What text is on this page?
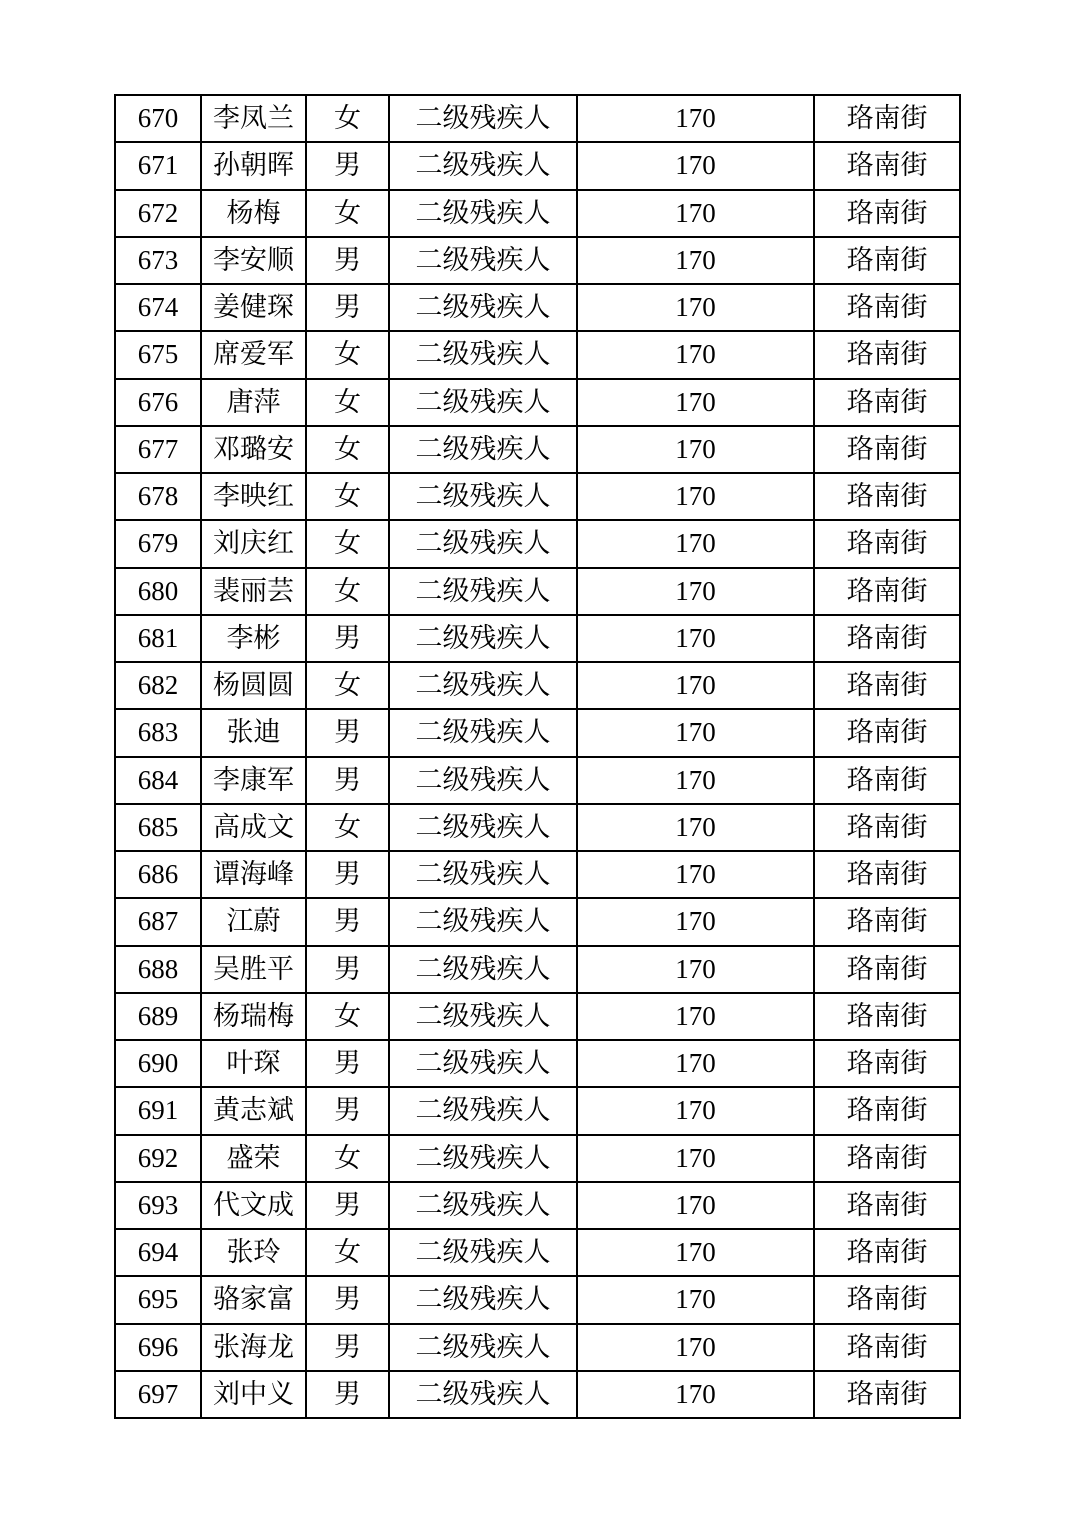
670	李凤兰	女	二级残疾人	170	珞南街
671	孙朝晖	男	二级残疾人	170	珞南街
672	杨梅	女	二级残疾人	170	珞南街
673	李安顺	男	二级残疾人	170	珞南街
674	姜健琛	男	二级残疾人	170	珞南街
675	席爱军	女	二级残疾人	170	珞南街
676	唐萍	女	二级残疾人	170	珞南街
677	邓璐安	女	二级残疾人	170	珞南街
678	李映红	女	二级残疾人	170	珞南街
679	刘庆红	女	二级残疾人	170	珞南街
680	裴丽芸	女	二级残疾人	170	珞南街
681	李彬	男	二级残疾人	170	珞南街
682	杨圆圆	女	二级残疾人	170	珞南街
683	张迪	男	二级残疾人	170	珞南街
684	李康军	男	二级残疾人	170	珞南街
685	高成文	女	二级残疾人	170	珞南街
686	谭海峰	男	二级残疾人	170	珞南街
687	江蔚	男	二级残疾人	170	珞南街
688	吴胜平	男	二级残疾人	170	珞南街
689	杨瑞梅	女	二级残疾人	170	珞南街
690	叶琛	男	二级残疾人	170	珞南街
691	黄志斌	男	二级残疾人	170	珞南街
692	盛荣	女	二级残疾人	170	珞南街
693	代文成	男	二级残疾人	170	珞南街
694	张玲	女	二级残疾人	170	珞南街
695	骆家富	男	二级残疾人	170	珞南街
696	张海龙	男	二级残疾人	170	珞南街
697	刘中义	男	二级残疾人	170	珞南街
